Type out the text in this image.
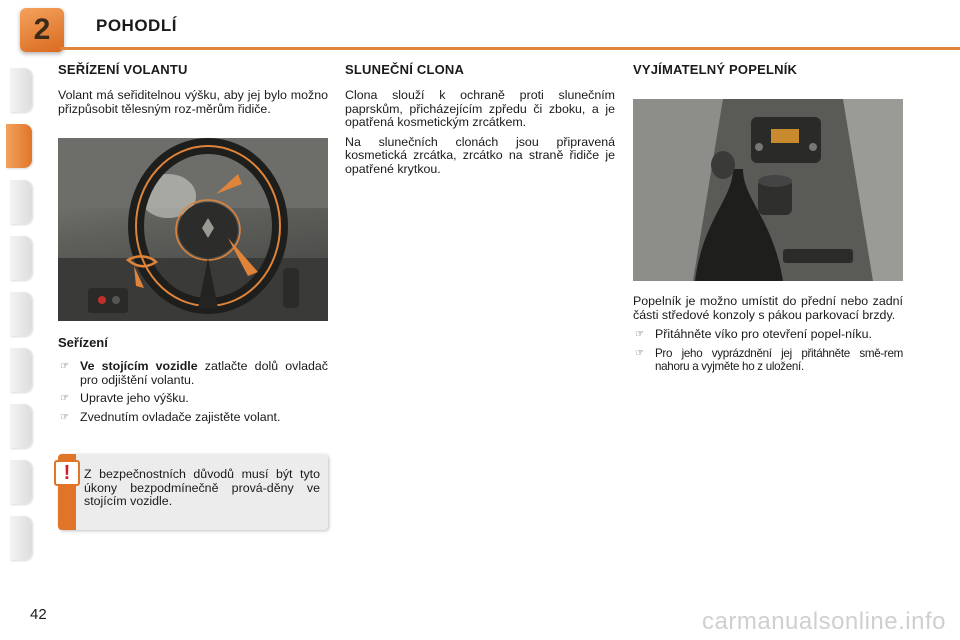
2	POHODLÍ
SEŘÍZENÍ VOLANTU

Volant má seřiditelnou výšku, aby jej bylo možno přizpůsobit tělesným roz-měrům řidiče.

Seřízení
☞ Ve stojícím vozidle zatlačte dolů ovladač pro odjištění volantu.
☞ Upravte jeho výšku.
☞ Zvednutím ovladače zajistěte volant.
!	Z bezpečnostních důvodů musí být tyto úkony bezpodmínečně prová-děny ve stojícím vozidle.
SLUNEČNÍ CLONA

Clona slouží k ochraně proti slunečním paprskům, přicházejícím zpředu či zboku, a je opatřená kosmetickým zrcátkem.

Na slunečních clonách jsou připravená kosmetická zrcátka, zrcátko na straně řidiče je opatřené krytkou.

VYJÍMATELNÝ POPELNÍK

Popelník je možno umístit do přední nebo zadní části středové konzoly s pákou parkovací brzdy.

☞ Přitáhněte víko pro otevření popel-níku.
☞ Pro jeho vyprázdnění jej přitáhněte smě-rem nahoru a vyjměte ho z uložení.
42	carmanualsonline.info
